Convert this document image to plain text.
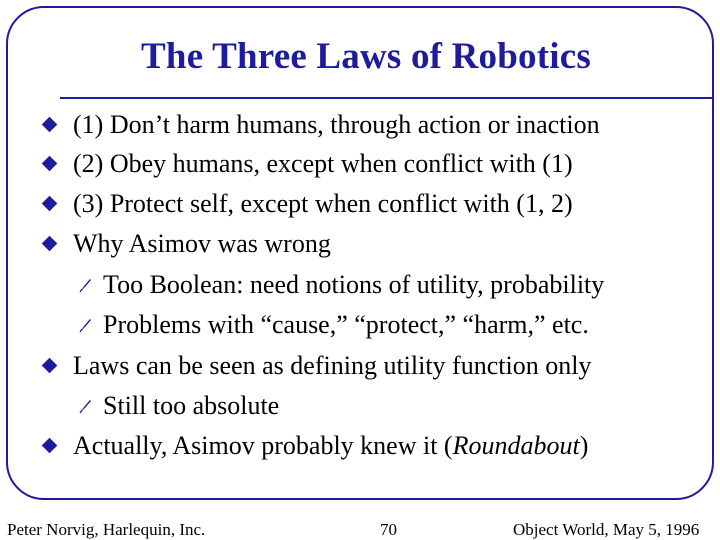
The Three Laws of Robotics
(1) Don’t harm humans, through action or inaction
(2) Obey humans, except when conflict with (1)
(3) Protect self, except when conflict with (1, 2)
Why Asimov was wrong
Too Boolean: need notions of utility, probability
Problems with “cause,” “protect,” “harm,” etc.
Laws can be seen as defining utility function only
Still too absolute
Actually, Asimov probably knew it (Roundabout)
Peter Norvig, Harlequin, Inc.	70	Object World, May 5, 1996
